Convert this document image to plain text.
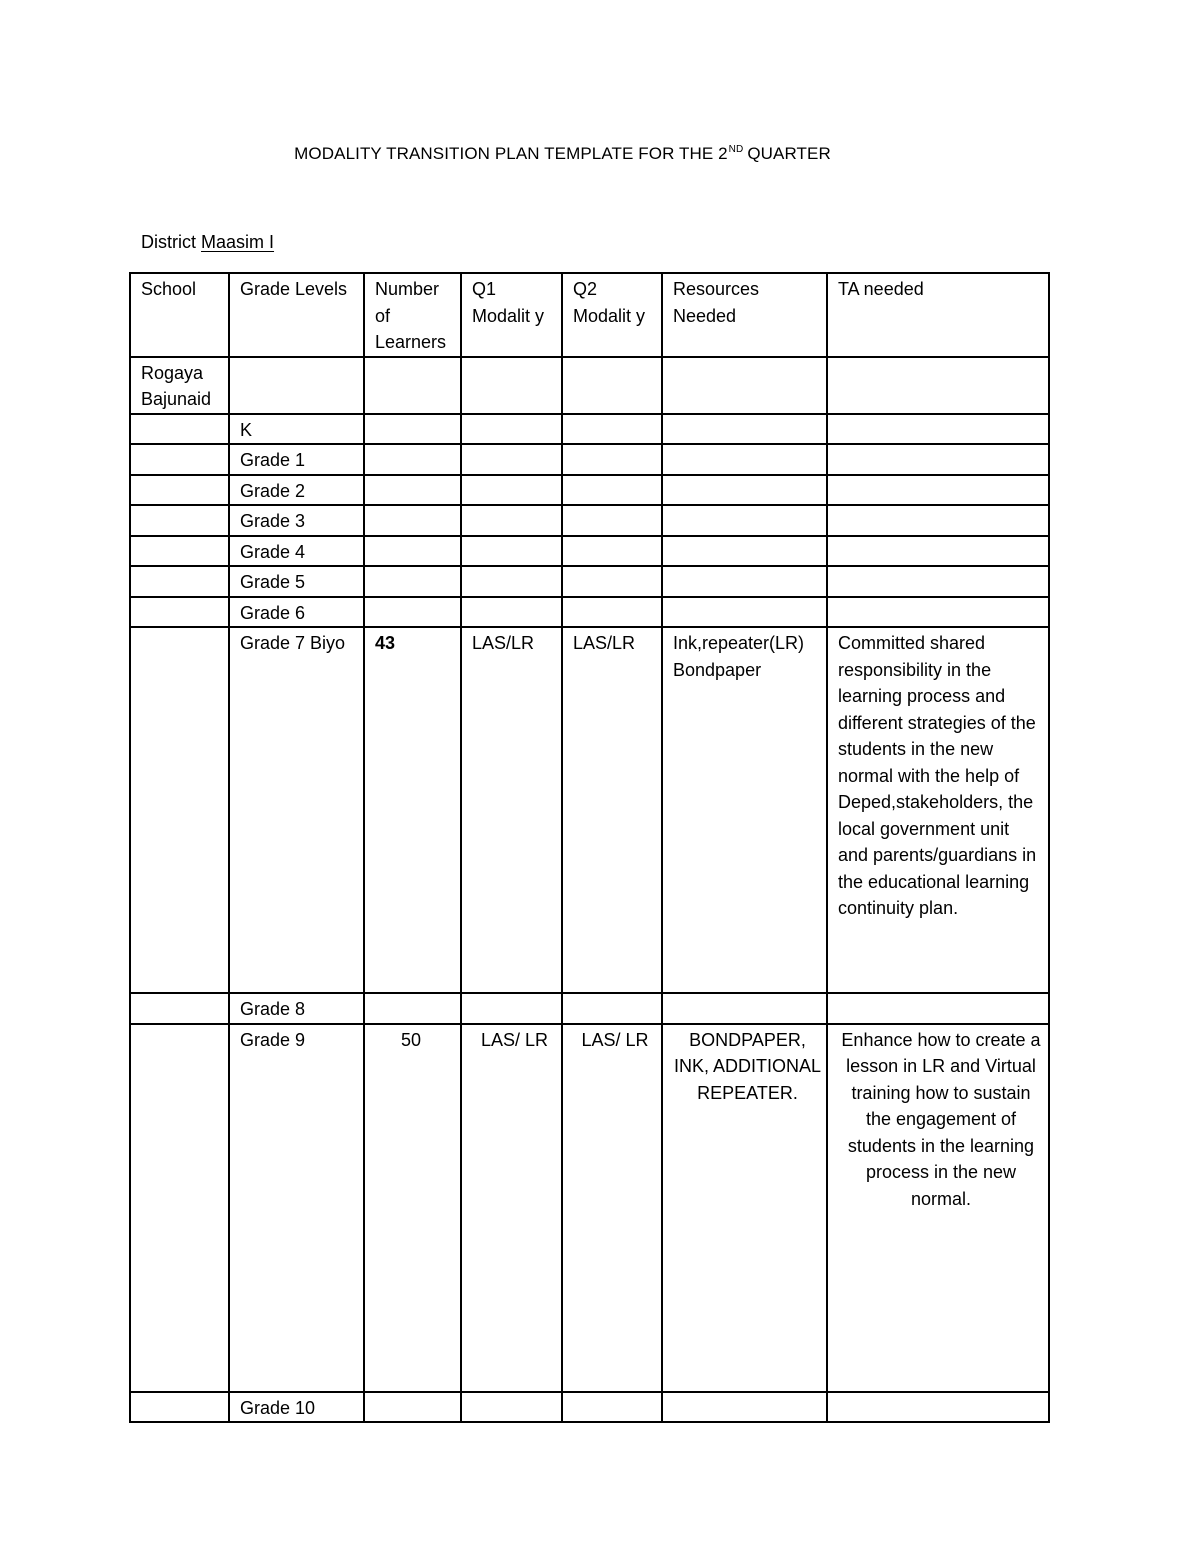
MODALITY TRANSITION PLAN TEMPLATE FOR THE 2ND QUARTER
District Maasim I
School	Grade Levels	Number of Learners	Q1 Modalit y	Q2 Modalit y	Resources Needed	TA needed
Rogaya Bajunaid						
	K					
	Grade 1					
	Grade 2					
	Grade 3					
	Grade 4					
	Grade 5					
	Grade 6					
	Grade 7 Biyo	43	LAS/LR	LAS/LR	Ink,repeater(LR) Bondpaper	Committed shared responsibility in the learning process and different strategies of the students in the new normal with the help of Deped,stakeholders, the local government unit and parents/guardians in the educational learning continuity plan.
	Grade 8					
	Grade 9	50	LAS/ LR	LAS/ LR	BONDPAPER, INK, ADDITIONAL REPEATER.	Enhance how to create a lesson in LR and Virtual training how to sustain the engagement of students in the learning process in the new normal.
	Grade 10					
